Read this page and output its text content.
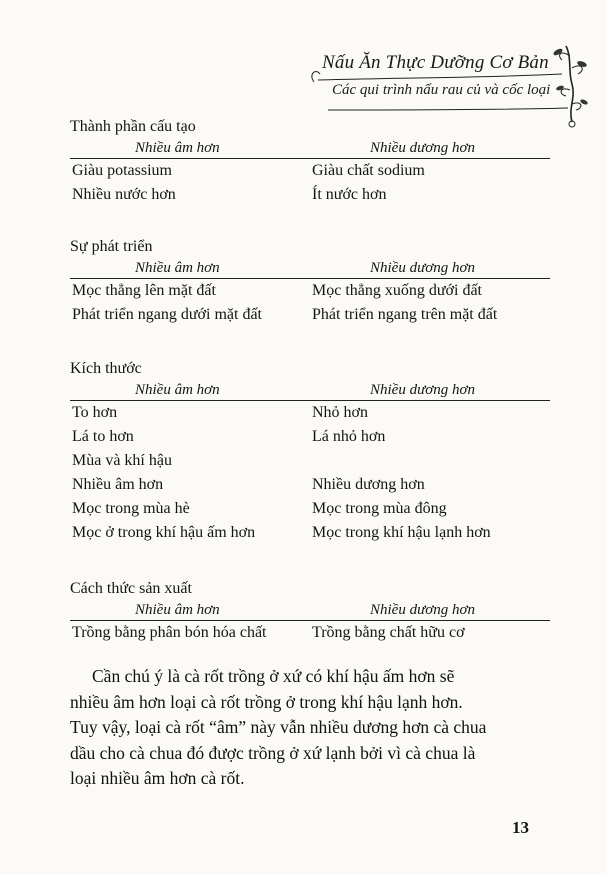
Nấu Ăn Thực Dưỡng Cơ Bản
Các qui trình nấu rau củ và cốc loại
Thành phần cấu tạo
Nhiều âm hơn	Nhiều dương hơn
Giàu potassium	Giàu chất sodium
Nhiều nước hơn	Ít nước hơn
Sự phát triển
Nhiều âm hơn	Nhiều dương hơn
Mọc thẳng lên mặt đất	Mọc thẳng xuống dưới đất
Phát triển ngang dưới mặt đất	Phát triển ngang trên mặt đất
Kích thước
Nhiều âm hơn	Nhiều dương hơn
To hơn	Nhỏ hơn
Lá to hơn	Lá nhỏ hơn
Mùa và khí hậu
Nhiều âm hơn	Nhiều dương hơn
Mọc trong mùa hè	Mọc trong mùa đông
Mọc ở trong khí hậu ấm hơn	Mọc trong khí hậu lạnh hơn
Cách thức sản xuất
Nhiều âm hơn	Nhiều dương hơn
Trồng bằng phân bón hóa chất	Trồng bằng chất hữu cơ
Cần chú ý là cà rốt trồng ở xứ có khí hậu ấm hơn sẽ
nhiều âm hơn loại cà rốt trồng ở trong khí hậu lạnh hơn.
Tuy vậy, loại cà rốt “âm” này vẫn nhiều dương hơn cà chua
dầu cho cà chua đó được trồng ở xứ lạnh bởi vì cà chua là
loại nhiều âm hơn cà rốt.
13
